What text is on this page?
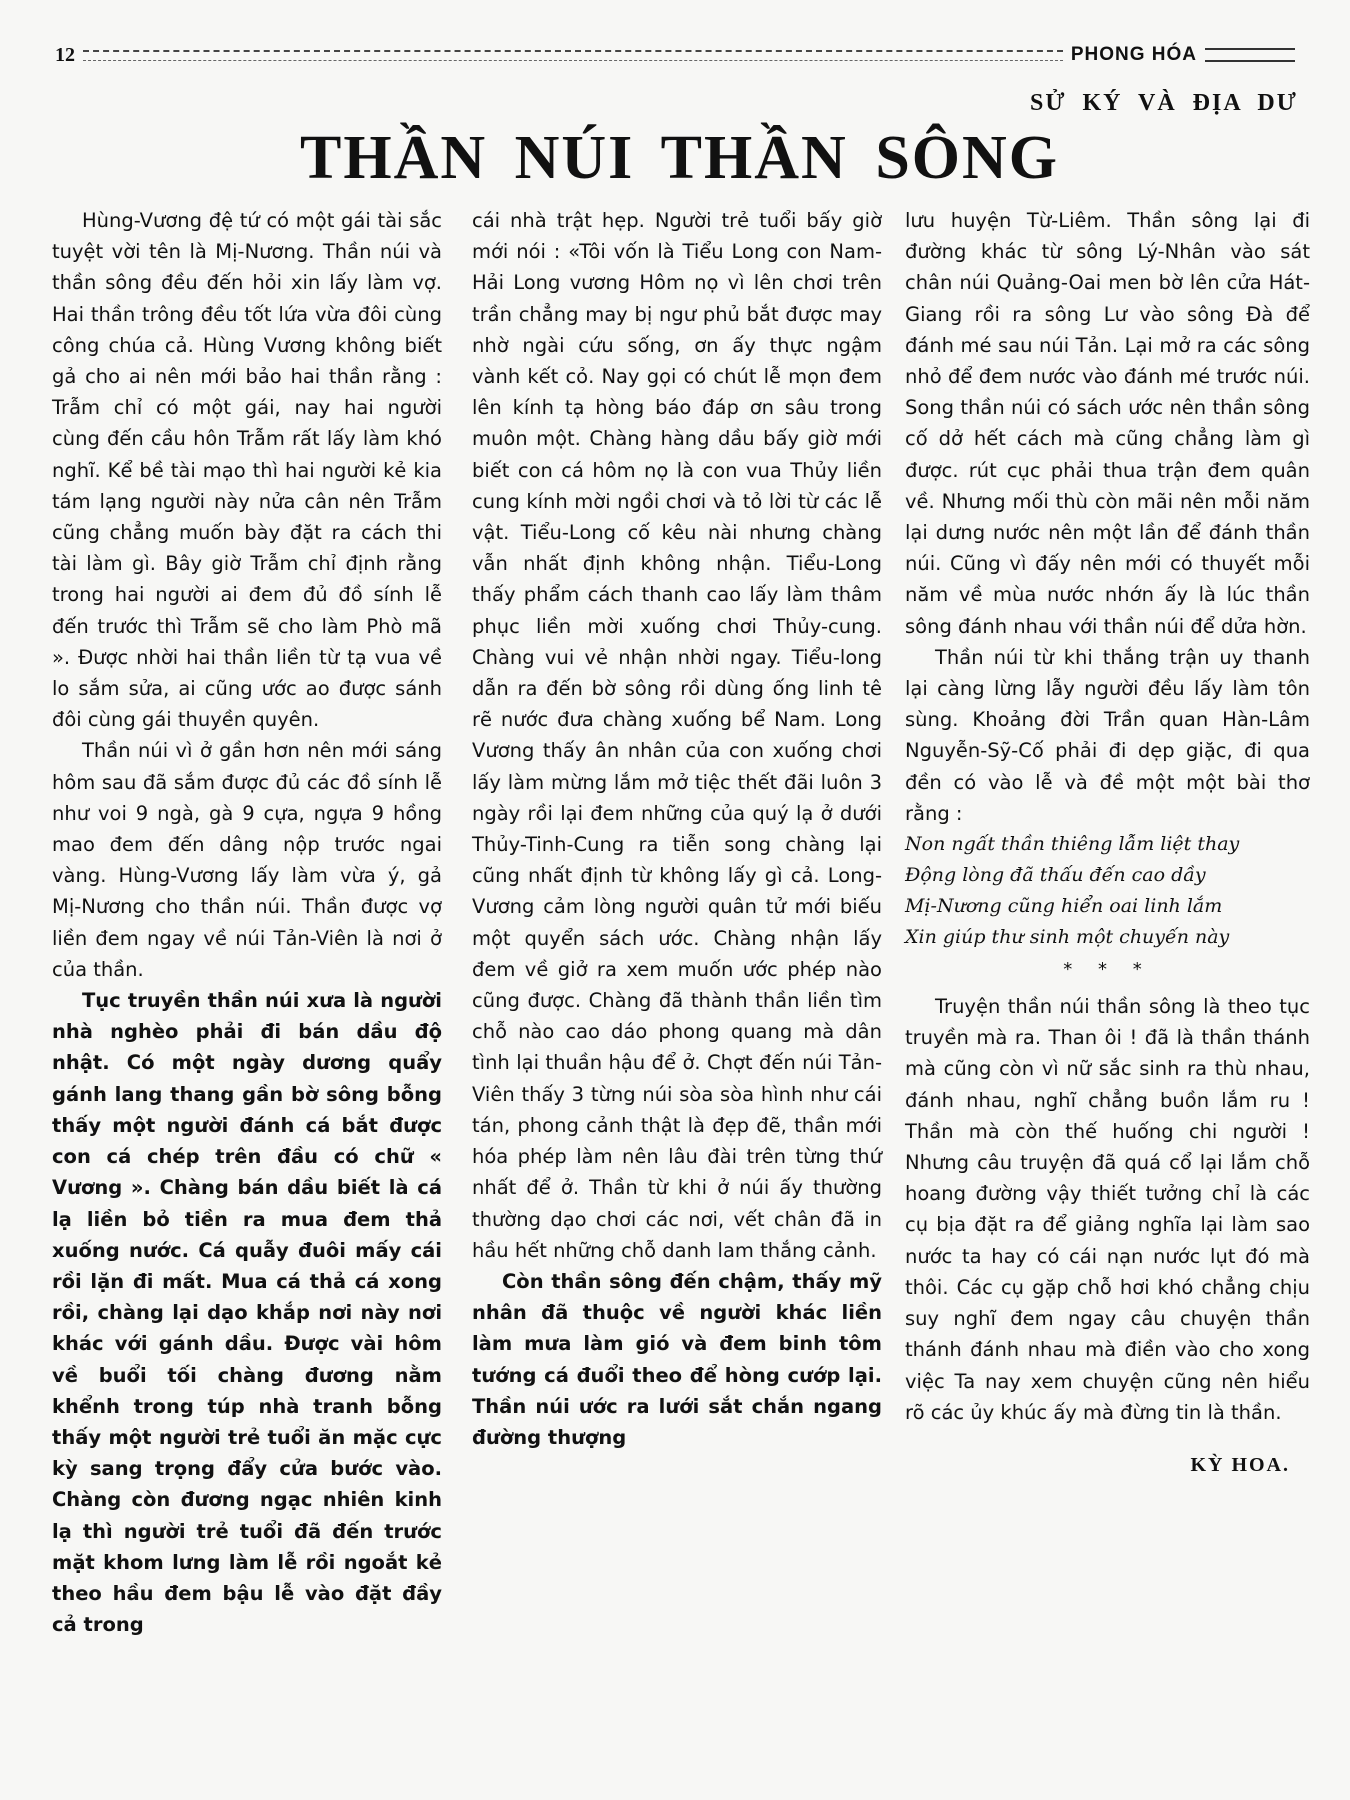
12	PHONG HÓA
SỬ KÝ VÀ ĐỊA DƯ
THẦN NÚI THẦN SÔNG

Hùng-Vương đệ tứ có một gái tài sắc tuyệt vời tên là Mị-Nương. Thần núi và thần sông đều đến hỏi xin lấy làm vợ. Hai thần trông đều tốt lứa vừa đôi cùng công chúa cả. Hùng Vương không biết gả cho ai nên mới bảo hai thần rằng : Trẫm chỉ có một gái, nay hai người cùng đến cầu hôn Trẫm rất lấy làm khó nghĩ. Kể bề tài mạo thì hai người kẻ kia tám lạng người này nửa cân nên Trẫm cũng chẳng muốn bày đặt ra cách thi tài làm gì. Bây giờ Trẫm chỉ định rằng trong hai người ai đem đủ đồ sính lễ đến trước thì Trẫm sẽ cho làm Phò mã ». Được nhời hai thần liền từ tạ vua về lo sắm sửa, ai cũng ước ao được sánh đôi cùng gái thuyền quyên.

Thần núi vì ở gần hơn nên mới sáng hôm sau đã sắm được đủ các đồ sính lễ như voi 9 ngà, gà 9 cựa, ngựa 9 hồng mao đem đến dâng nộp trước ngai vàng. Hùng-Vương lấy làm vừa ý, gả Mị-Nương cho thần núi. Thần được vợ liền đem ngay về núi Tản-Viên là nơi ở của thần.

Tục truyền thần núi xưa là người nhà nghèo phải đi bán dầu độ nhật. Có một ngày dương quẩy gánh lang thang gần bờ sông bỗng thấy một người đánh cá bắt được con cá chép trên đầu có chữ « Vương ». Chàng bán dầu biết là cá lạ liền bỏ tiền ra mua đem thả xuống nước. Cá quẫy đuôi mấy cái rồi lặn đi mất. Mua cá thả cá xong rồi, chàng lại dạo khắp nơi này nơi khác với gánh dầu. Được vài hôm về buổi tối chàng đương nằm khểnh trong túp nhà tranh bỗng thấy một người trẻ tuổi ăn mặc cực kỳ sang trọng đẩy cửa bước vào. Chàng còn đương ngạc nhiên kinh lạ thì người trẻ tuổi đã đến trước mặt khom lưng làm lễ rồi ngoắt kẻ theo hầu đem bậu lễ vào đặt đầy cả trong

cái nhà trật hẹp. Người trẻ tuổi bấy giờ mới nói : «Tôi vốn là Tiểu Long con Nam-Hải Long vương Hôm nọ vì lên chơi trên trần chẳng may bị ngư phủ bắt được may nhờ ngài cứu sống, ơn ấy thực ngậm vành kết cỏ. Nay gọi có chút lễ mọn đem lên kính tạ hòng báo đáp ơn sâu trong muôn một. Chàng hàng dầu bấy giờ mới biết con cá hôm nọ là con vua Thủy liền cung kính mời ngồi chơi và tỏ lời từ các lễ vật. Tiểu-Long cố kêu nài nhưng chàng vẫn nhất định không nhận. Tiểu-Long thấy phẩm cách thanh cao lấy làm thâm phục liền mời xuống chơi Thủy-cung. Chàng vui vẻ nhận nhời ngay. Tiểu-long dẫn ra đến bờ sông rồi dùng ống linh tê rẽ nước đưa chàng xuống bể Nam. Long Vương thấy ân nhân của con xuống chơi lấy làm mừng lắm mở tiệc thết đãi luôn 3 ngày rồi lại đem những của quý lạ ở dưới Thủy-Tinh-Cung ra tiễn song chàng lại cũng nhất định từ không lấy gì cả. Long-Vương cảm lòng người quân tử mới biếu một quyển sách ước. Chàng nhận lấy đem về giở ra xem muốn ước phép nào cũng được. Chàng đã thành thần liền tìm chỗ nào cao dáo phong quang mà dân tình lại thuần hậu để ở. Chợt đến núi Tản-Viên thấy 3 từng núi sòa sòa hình như cái tán, phong cảnh thật là đẹp đẽ, thần mới hóa phép làm nên lâu đài trên từng thứ nhất để ở. Thần từ khi ở núi ấy thường thường dạo chơi các nơi, vết chân đã in hầu hết những chỗ danh lam thắng cảnh.

Còn thần sông đến chậm, thấy mỹ nhân đã thuộc về người khác liền làm mưa làm gió và đem binh tôm tướng cá đuổi theo để hòng cướp lại. Thần núi ước ra lưới sắt chắn ngang đường thượng

lưu huyện Từ-Liêm. Thần sông lại đi đường khác từ sông Lý-Nhân vào sát chân núi Quảng-Oai men bờ lên cửa Hát-Giang rồi ra sông Lư vào sông Đà để đánh mé sau núi Tản. Lại mở ra các sông nhỏ để đem nước vào đánh mé trước núi. Song thần núi có sách ước nên thần sông cố dở hết cách mà cũng chẳng làm gì được. rút cục phải thua trận đem quân về. Nhưng mối thù còn mãi nên mỗi năm lại dưng nước nên một lần để đánh thần núi. Cũng vì đấy nên mới có thuyết mỗi năm về mùa nước nhớn ấy là lúc thần sông đánh nhau với thần núi để dửa hờn.

Thần núi từ khi thắng trận uy thanh lại càng lừng lẫy người đều lấy làm tôn sùng. Khoảng đời Trần quan Hàn-Lâm Nguyễn-Sỹ-Cố phải đi dẹp giặc, đi qua đền có vào lễ và đề một một bài thơ rằng :

Non ngất thần thiêng lẫm liệt thay

Động lòng đã thấu đến cao dầy

Mị-Nương cũng hiển oai linh lắm

Xin giúp thư sinh một chuyến này

* * *

Truyện thần núi thần sông là theo tục truyền mà ra. Than ôi ! đã là thần thánh mà cũng còn vì nữ sắc sinh ra thù nhau, đánh nhau, nghĩ chẳng buồn lắm ru ! Thần mà còn thế huống chi người ! Nhưng câu truyện đã quá cổ lại lắm chỗ hoang đường vậy thiết tưởng chỉ là các cụ bịa đặt ra để giảng nghĩa lại làm sao nước ta hay có cái nạn nước lụt đó mà thôi. Các cụ gặp chỗ hơi khó chẳng chịu suy nghĩ đem ngay câu chuyện thần thánh đánh nhau mà điền vào cho xong việc Ta nay xem chuyện cũng nên hiểu rõ các ủy khúc ấy mà đừng tin là thần.

KỲ HOA.
